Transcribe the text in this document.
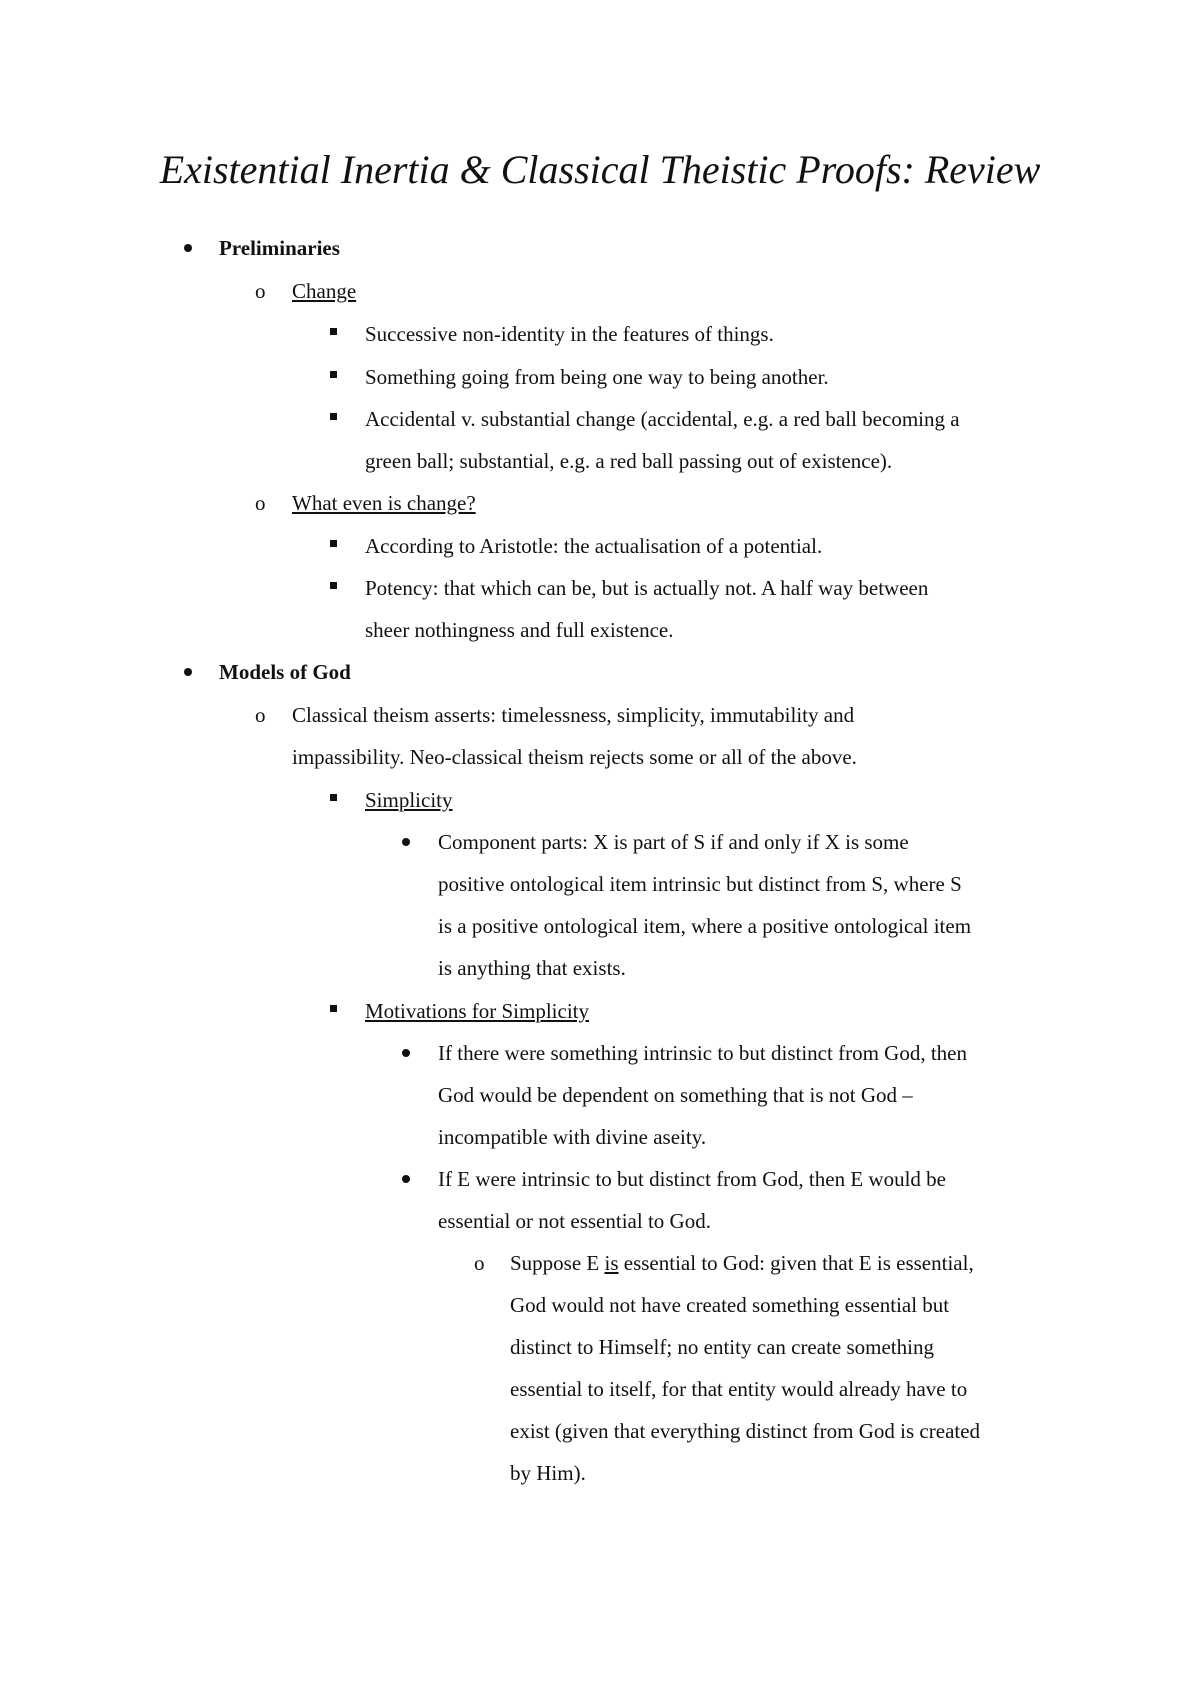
Existential Inertia & Classical Theistic Proofs: Review
Preliminaries
o Change
Successive non-identity in the features of things.
Something going from being one way to being another.
Accidental v. substantial change (accidental, e.g. a red ball becoming a
green ball; substantial, e.g. a red ball passing out of existence).
o What even is change?
According to Aristotle: the actualisation of a potential.
Potency: that which can be, but is actually not. A half way between
sheer nothingness and full existence.
Models of God
o Classical theism asserts: timelessness, simplicity, immutability and
impassibility. Neo-classical theism rejects some or all of the above.
Simplicity
Component parts: X is part of S if and only if X is some
positive ontological item intrinsic but distinct from S, where S
is a positive ontological item, where a positive ontological item
is anything that exists.
Motivations for Simplicity
If there were something intrinsic to but distinct from God, then
God would be dependent on something that is not God –
incompatible with divine aseity.
If E were intrinsic to but distinct from God, then E would be
essential or not essential to God.
o Suppose E is essential to God: given that E is essential,
God would not have created something essential but
distinct to Himself; no entity can create something
essential to itself, for that entity would already have to
exist (given that everything distinct from God is created
by Him).
